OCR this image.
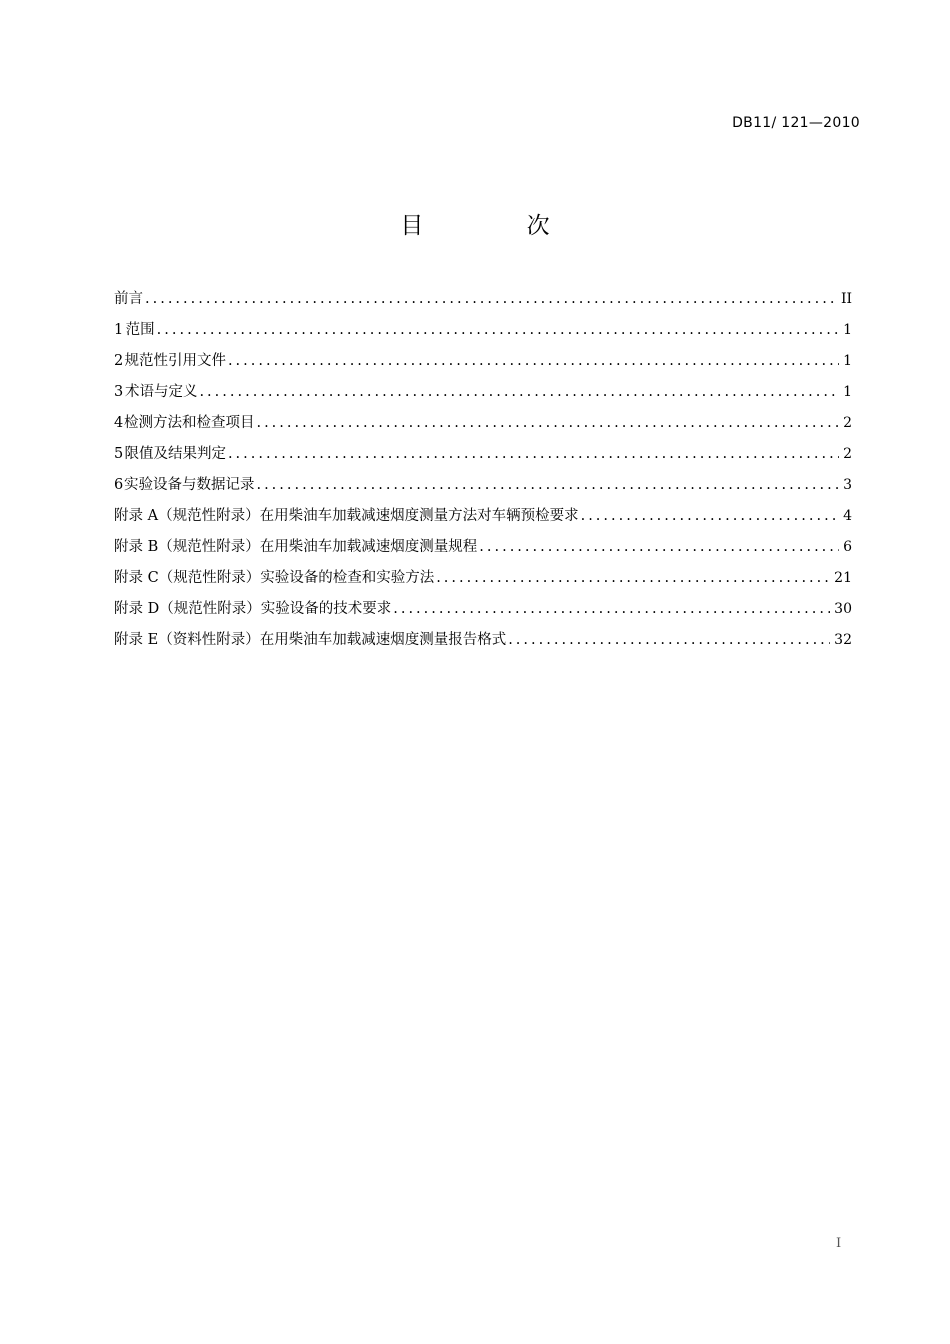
DB11/ 121—2010
目 次
前言 .....	II
1 范围 .....	1
2 规范性引用文件 .....	1
3 术语与定义 .....	1
4 检测方法和检查项目 .....	2
5 限值及结果判定 .....	2
6 实验设备与数据记录 .....	3
附录 A（规范性附录） 在用柴油车加载减速烟度测量方法对车辆预检要求 .....	4
附录 B（规范性附录） 在用柴油车加载减速烟度测量规程 .....	6
附录 C（规范性附录） 实验设备的检查和实验方法 .....	21
附录 D（规范性附录） 实验设备的技术要求 .....	30
附录 E（资料性附录） 在用柴油车加载减速烟度测量报告格式 .....	32
I
